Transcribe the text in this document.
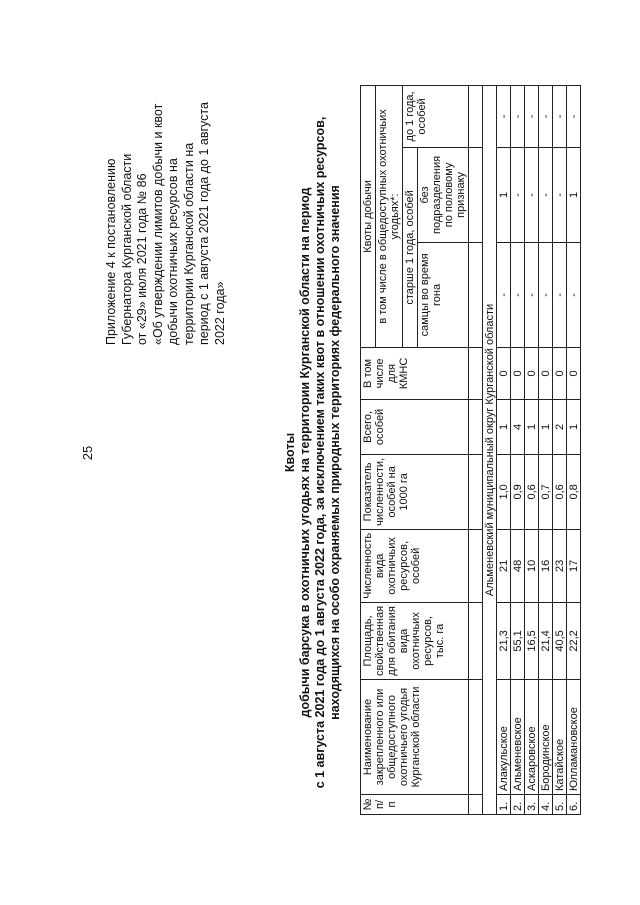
25
Приложение 4 к постановлению Губернатора Курганской области от «29» июля 2021 года № 86 «Об утверждении лимитов добычи и квот добычи охотничьих ресурсов на территории Курганской области на период с 1 августа 2021 года до 1 августа 2022 года»
Квоты добычи барсука в охотничьих угодьях на территории Курганской области на период с 1 августа 2021 года до 1 августа 2022 года, за исключением таких квот в отношении охотничьих ресурсов, находящихся на особо охраняемых природных территориях федерального значения
№ п/п	Наименование закрепленного или общедоступного охотничьего угодья Курганской области	Площадь, свойственная для обитания вида охотничьих ресурсов, тыс. га	Численность вида охотничьих ресурсов, особей	Показатель численности, особей на 1000 га	Всего, особей	В том числе для КМНС	Квоты добычи		
							в том числе в общедоступных охотничьих угодьях*:		
							старше 1 года, особей		до 1 года, особей
							самцы во время гона	без подразделения по половому признаку	

Альменевский муниципальный округ Курганской области									
1.	Алакульское	21,3	21	1,0	1	0	-	1	-
2.	Альменевское	55,1	48	0,9	4	0	-	-	-
3.	Аскаровское	16,5	10	0,6	1	0	-	-	-
4.	Бородинское	21,4	16	0,7	1	0	-	-	-
5.	Катайское	40,5	23	0,6	2	0	-	-	-
6.	Юлламановское	22,2	17	0,8	1	0	-	1	-
